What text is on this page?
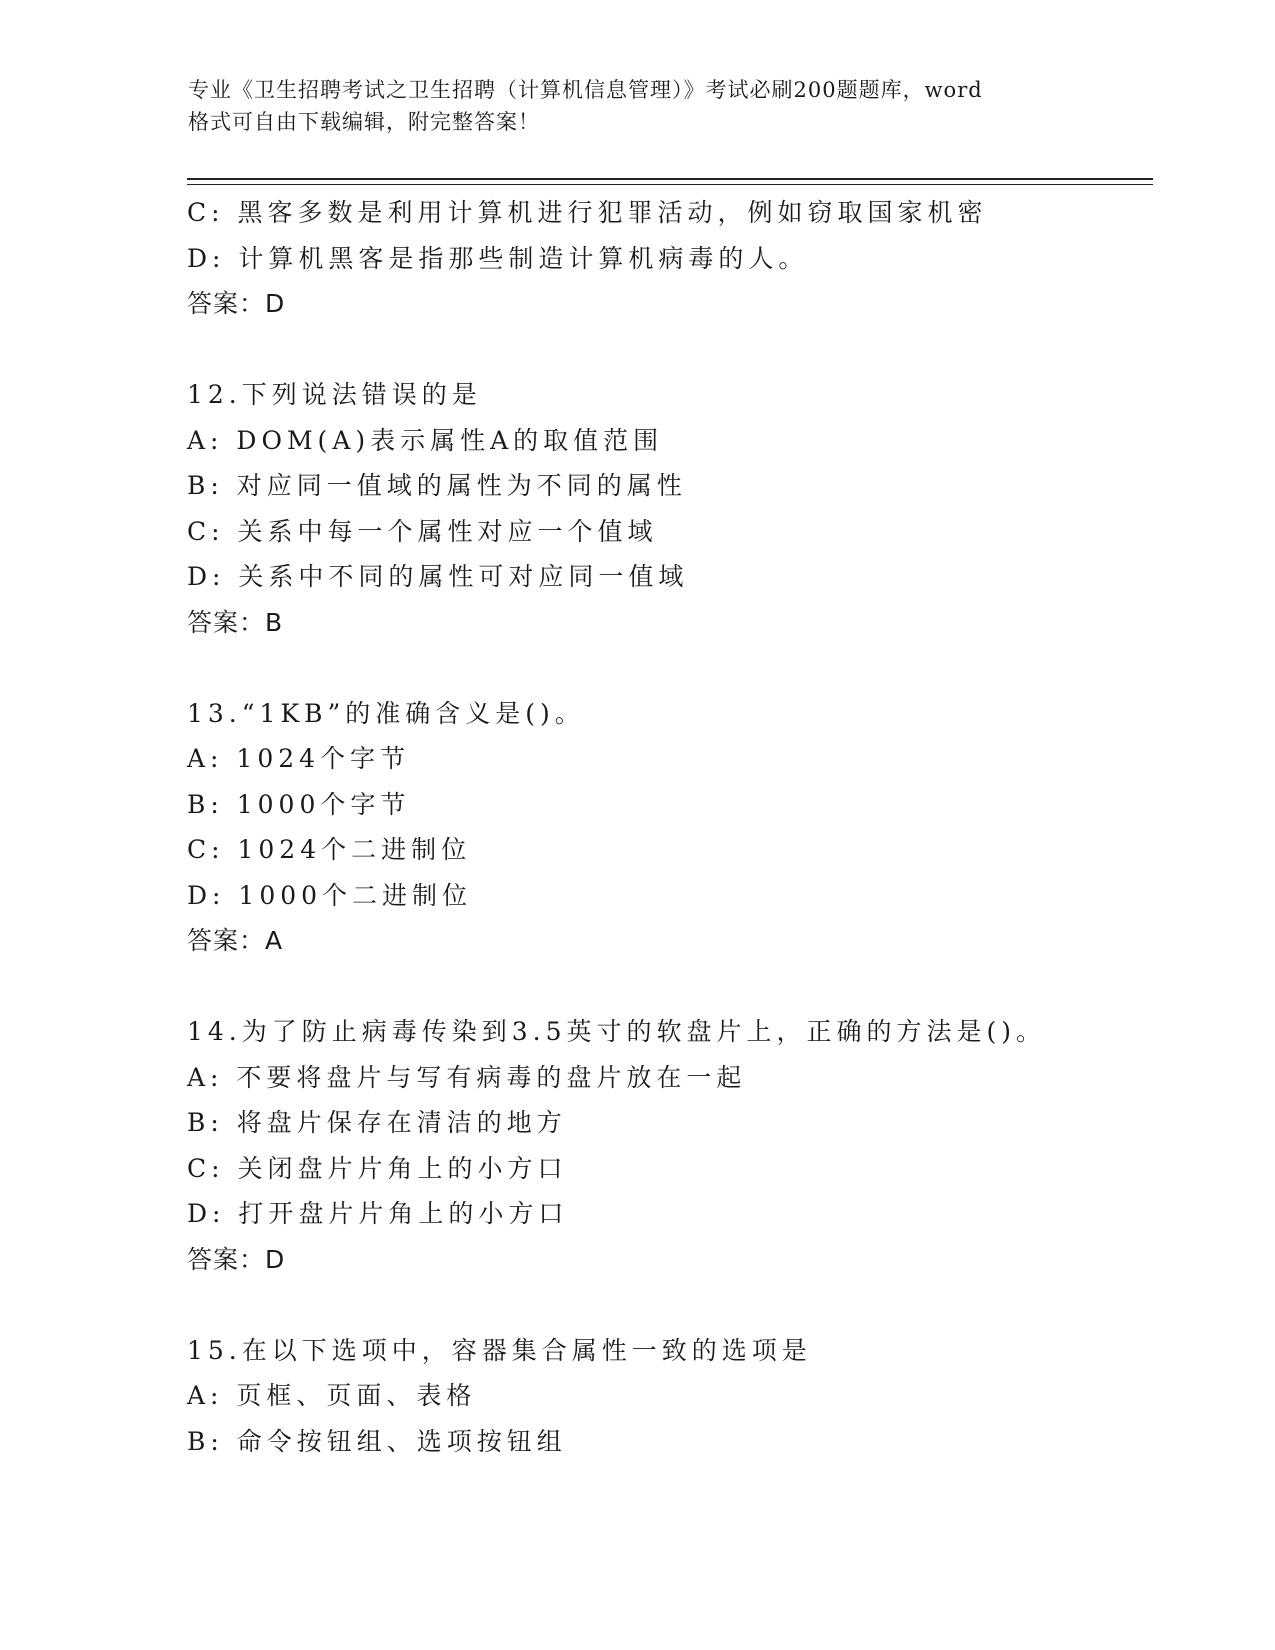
专业《卫生招聘考试之卫生招聘（计算机信息管理）》考试必刷200题题库，word
格式可自由下载编辑，附完整答案！
C: 黑客多数是利用计算机进行犯罪活动，例如窃取国家机密
D: 计算机黑客是指那些制造计算机病毒的人。
答案：D
12.下列说法错误的是
A: DOM(A)表示属性A的取值范围
B: 对应同一值域的属性为不同的属性
C: 关系中每一个属性对应一个值域
D: 关系中不同的属性可对应同一值域
答案：B
13.“1KB”的准确含义是()。
A: 1024个字节
B: 1000个字节
C: 1024个二进制位
D: 1000个二进制位
答案：A
14.为了防止病毒传染到3.5英寸的软盘片上，正确的方法是()。
A: 不要将盘片与写有病毒的盘片放在一起
B: 将盘片保存在清洁的地方
C: 关闭盘片片角上的小方口
D: 打开盘片片角上的小方口
答案：D
15.在以下选项中，容器集合属性一致的选项是
A: 页框、页面、表格
B: 命令按钮组、选项按钮组
